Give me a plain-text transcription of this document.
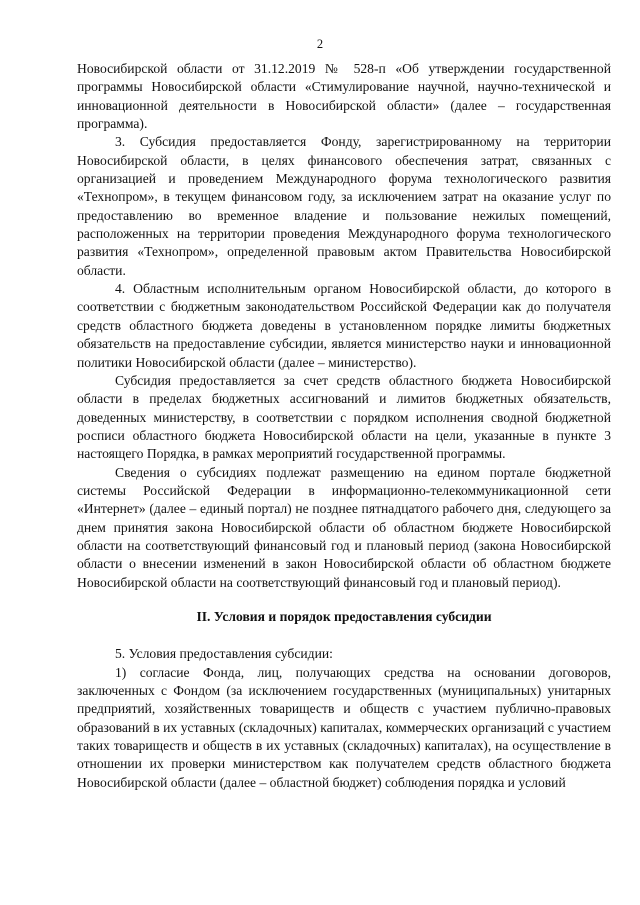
2

Новосибирской области от 31.12.2019 № 528-п «Об утверждении государственной программы Новосибирской области «Стимулирование научной, научно-технической и инновационной деятельности в Новосибирской области» (далее – государственная программа).

3. Субсидия предоставляется Фонду, зарегистрированному на территории Новосибирской области, в целях финансового обеспечения затрат, связанных с организацией и проведением Международного форума технологического развития «Технопром», в текущем финансовом году, за исключением затрат на оказание услуг по предоставлению во временное владение и пользование нежилых помещений, расположенных на территории проведения Международного форума технологического развития «Технопром», определенной правовым актом Правительства Новосибирской области.

4. Областным исполнительным органом Новосибирской области, до которого в соответствии с бюджетным законодательством Российской Федерации как до получателя средств областного бюджета доведены в установленном порядке лимиты бюджетных обязательств на предоставление субсидии, является министерство науки и инновационной политики Новосибирской области (далее – министерство).

Субсидия предоставляется за счет средств областного бюджета Новосибирской области в пределах бюджетных ассигнований и лимитов бюджетных обязательств, доведенных министерству, в соответствии с порядком исполнения сводной бюджетной росписи областного бюджета Новосибирской области на цели, указанные в пункте 3 настоящего Порядка, в рамках мероприятий государственной программы.

Сведения о субсидиях подлежат размещению на едином портале бюджетной системы Российской Федерации в информационно-телекоммуникационной сети «Интернет» (далее – единый портал) не позднее пятнадцатого рабочего дня, следующего за днем принятия закона Новосибирской области об областном бюджете Новосибирской области на соответствующий финансовый год и плановый период (закона Новосибирской области о внесении изменений в закон Новосибирской области об областном бюджете Новосибирской области на соответствующий финансовый год и плановый период).

II. Условия и порядок предоставления субсидии

5. Условия предоставления субсидии:

1) согласие Фонда, лиц, получающих средства на основании договоров, заключенных с Фондом (за исключением государственных (муниципальных) унитарных предприятий, хозяйственных товариществ и обществ с участием публично-правовых образований в их уставных (складочных) капиталах, коммерческих организаций с участием таких товариществ и обществ в их уставных (складочных) капиталах), на осуществление в отношении их проверки министерством как получателем средств областного бюджета Новосибирской области (далее – областной бюджет) соблюдения порядка и условий
